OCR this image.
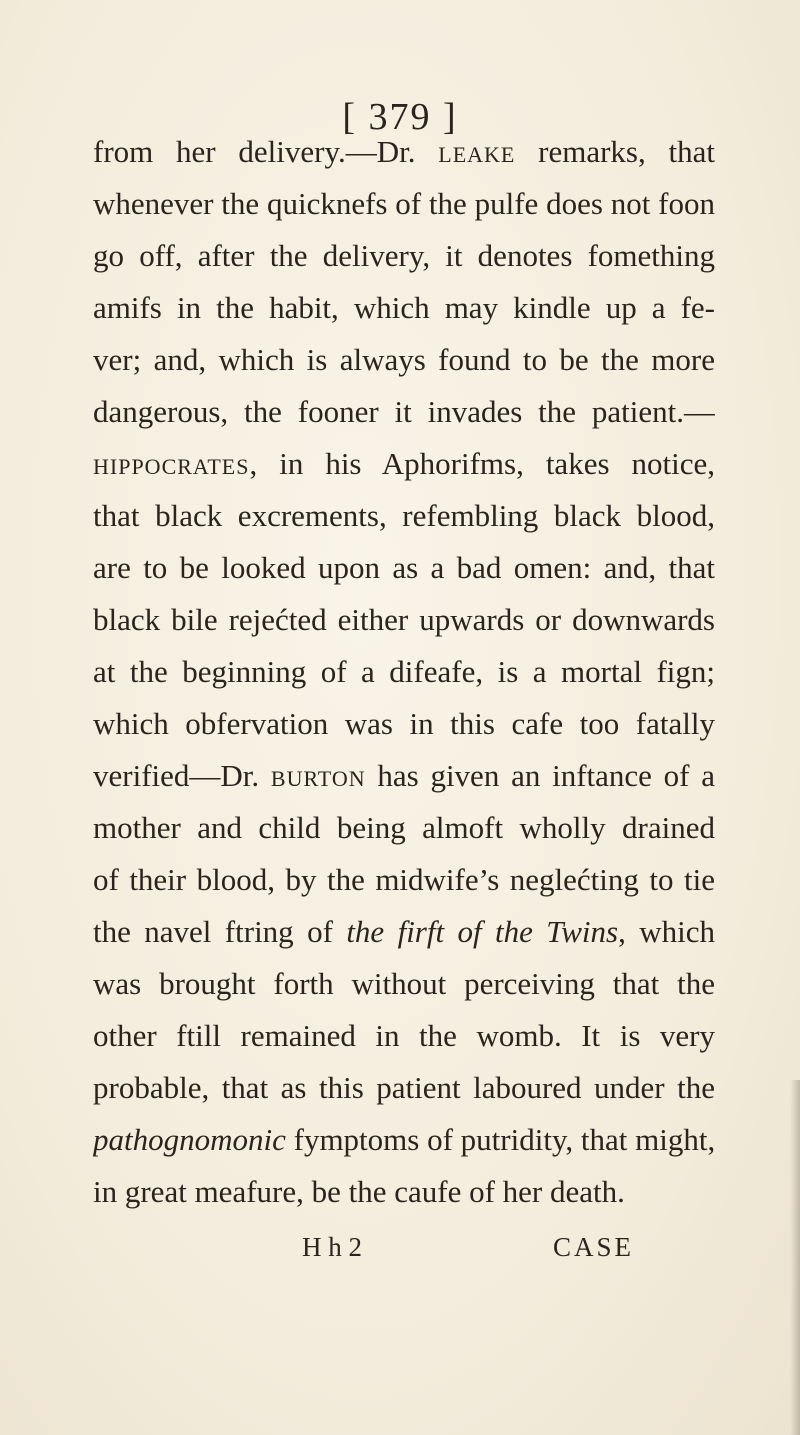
[ 379 ]
from her delivery.—Dr. leake remarks, that
whenever the quicknefs of the pulfe does not foon
go off, after the delivery, it denotes fomething
amifs in the habit, which may kindle up a fe-
ver; and, which is always found to be the more
dangerous, the fooner it invades the patient.—
hippocrates, in his Aphorifms, takes notice,
that black excrements, refembling black blood,
are to be looked upon as a bad omen: and, that
black bile rejećted either upwards or downwards
at the beginning of a difeafe, is a mortal fign;
which obfervation was in this cafe too fatally
verified—Dr. burton has given an inftance of a
mother and child being almoft wholly drained
of their blood, by the midwife’s neglećting to tie
the navel ftring of the firft of the Twins, which
was brought forth without perceiving that the
other ftill remained in the womb. It is very
probable, that as this patient laboured under the
pathognomonic fymptoms of putridity, that might,
in great meafure, be the caufe of her death.
H h 2	CASE
